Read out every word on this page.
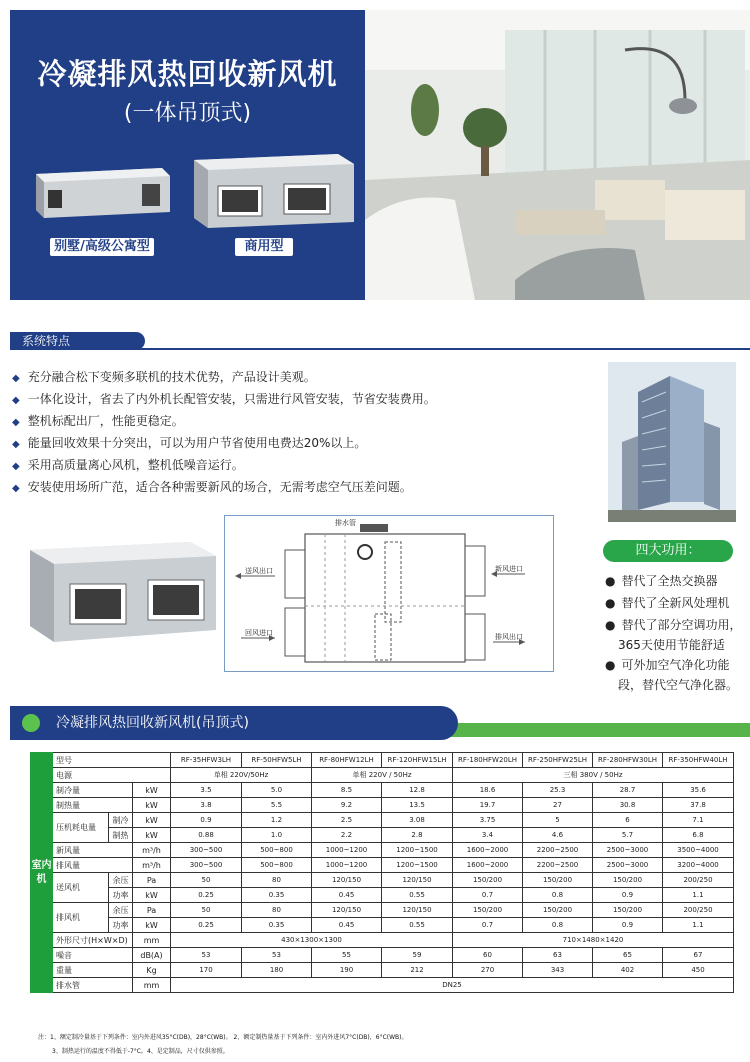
冷凝排风热回收新风机
(一体吊顶式)
别墅/高级公寓型	商用型
系统特点
◆ 充分融合松下变频多联机的技术优势，产品设计美观。
◆ 一体化设计，省去了内外机长配管安装，只需进行风管安装，节省安装费用。
◆ 整机标配出厂，性能更稳定。
◆ 能量回收效果十分突出，可以为用户节省使用电费达20%以上。
◆ 采用高质量离心风机，整机低噪音运行。
◆ 安装使用场所广范，适合各种需要新风的场合，无需考虑空气压差问题。
排水管
送风出口	新风进口
回风进口	排风出口
四大功用：
● 替代了全热交换器
● 替代了全新风处理机
● 替代了部分空调功用，
365天使用节能舒适
● 可外加空气净化功能
段，替代空气净化器。
冷凝排风热回收新风机(吊顶式)
室内机	型号			RF-35HFW3LH	RF-50HFW5LH	RF-80HFW12LH	RF-120HFW15LH	RF-180HFW20LH	RF-250HFW25LH	RF-280HFW30LH	RF-350HFW40LH
	电源			单相 220V/50Hz		单相 220V / 50Hz		三相 380V / 50Hz			
	制冷量		kW	3.5	5.0	8.5	12.8	18.6	25.3	28.7	35.6
	制热量		kW	3.8	5.5	9.2	13.5	19.7	27	30.8	37.8
	压机耗电量	制冷	kW	0.9	1.2	2.5	3.08	3.75	5	6	7.1
		制热	kW	0.88	1.0	2.2	2.8	3.4	4.6	5.7	6.8
	新风量		m³/h	300~500	500~800	1000~1200	1200~1500	1600~2000	2200~2500	2500~3000	3500~4000
	排风量		m³/h	300~500	500~800	1000~1200	1200~1500	1600~2000	2200~2500	2500~3000	3200~4000
	送风机	余压	Pa	50	80	120/150	120/150	150/200	150/200	150/200	200/250
		功率	kW	0.25	0.35	0.45	0.55	0.7	0.8	0.9	1.1
	排风机	余压	Pa	50	80	120/150	120/150	150/200	150/200	150/200	200/250
		功率	kW	0.25	0.35	0.45	0.55	0.7	0.8	0.9	1.1
	外形尺寸(H×W×D)		mm	430×1300×1300				710×1480×1420			
	噪音		dB(A)	53	53	55	59	60	63	65	67
	重量		Kg	170	180	190	212	270	343	402	450
	排水管		mm	DN25							
注：1、额定制冷量基于下列条件：室内外进风35°C(DB)，28°C(WB)。 2、额定制热量基于下列条件：室内外进风7°C(DB)，6°C(WB)。
3、制热运行的温度不得低于-7°C。4、是定制品，尺寸仅供参照。
